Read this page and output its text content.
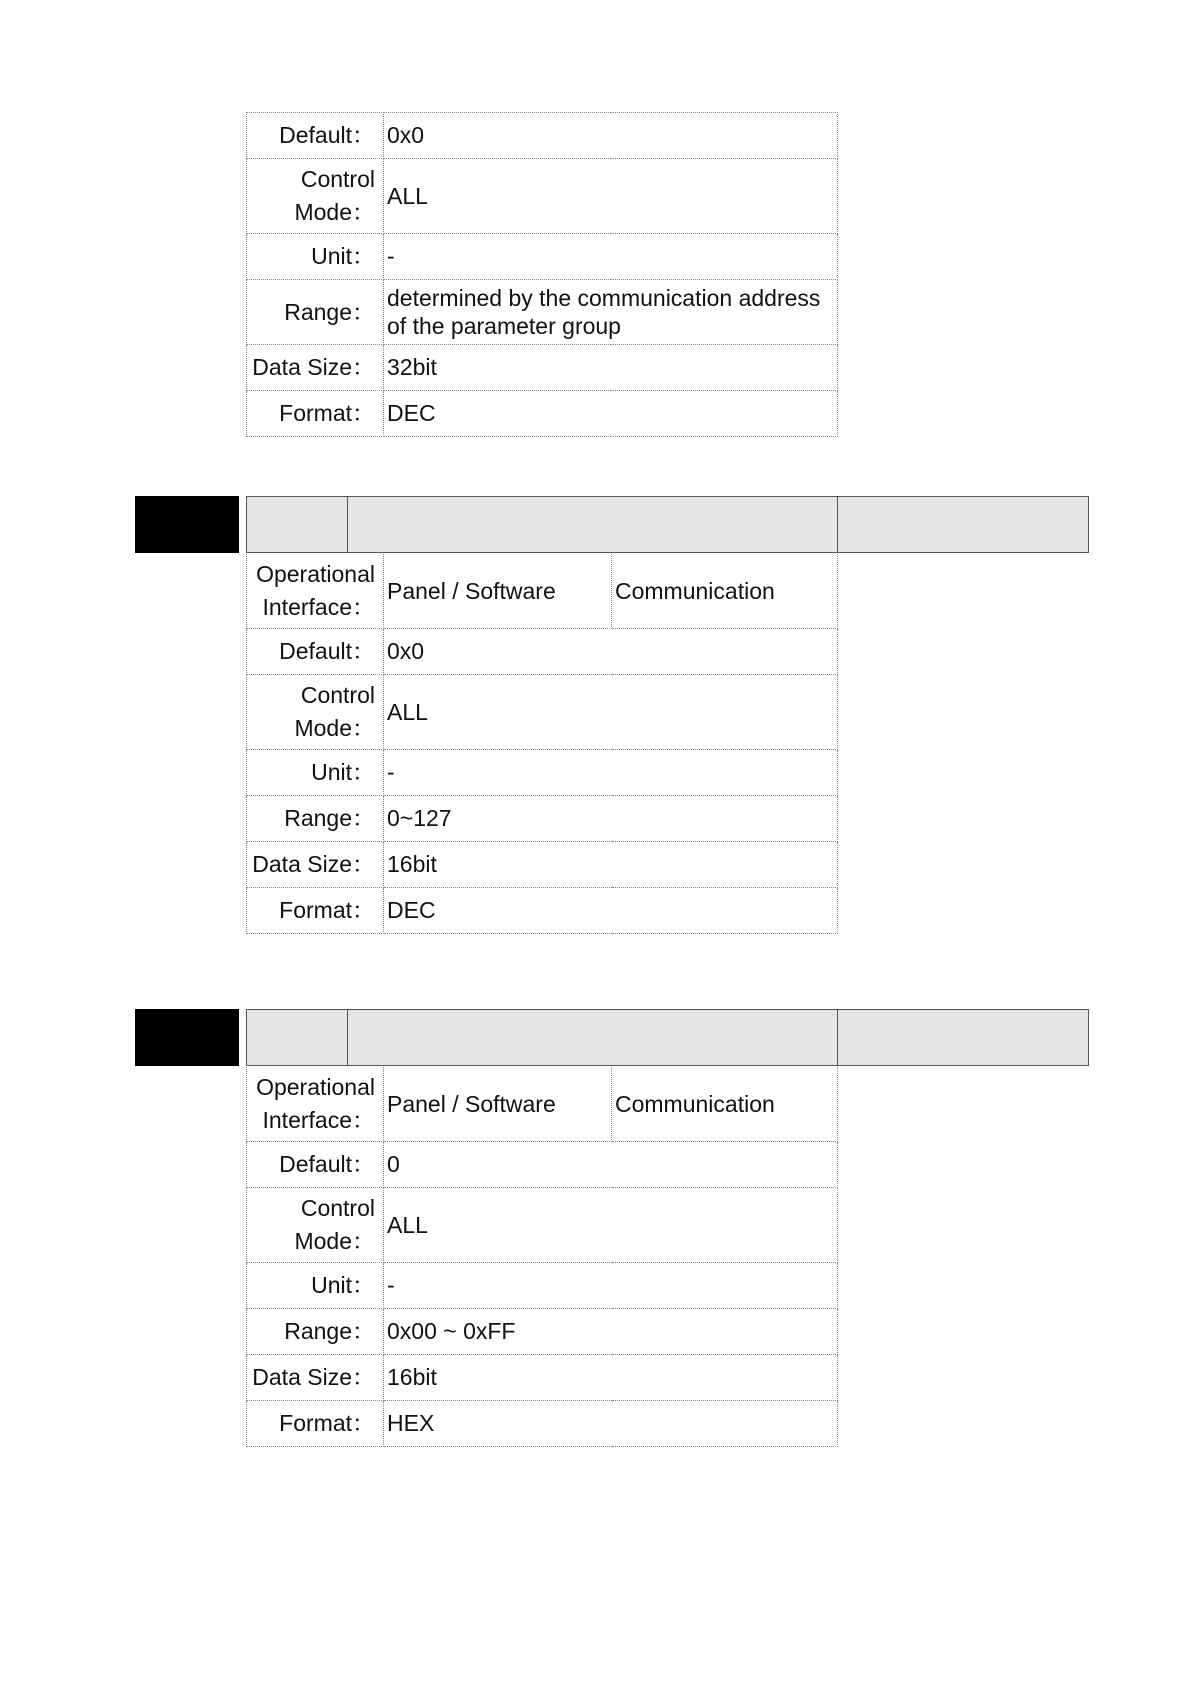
Default：	0x0
Control Mode：	ALL
Unit：	-
Range：	determined by the communication address of the parameter group
Data Size：	32bit
Format：	DEC
Operational Interface：	Panel / Software	Communication
Default：	0x0	
Control Mode：	ALL	
Unit：	-	
Range：	0~127	
Data Size：	16bit	
Format：	DEC	
Operational Interface：	Panel / Software	Communication
Default：	0	
Control Mode：	ALL	
Unit：	-	
Range：	0x00 ~ 0xFF	
Data Size：	16bit	
Format：	HEX	
